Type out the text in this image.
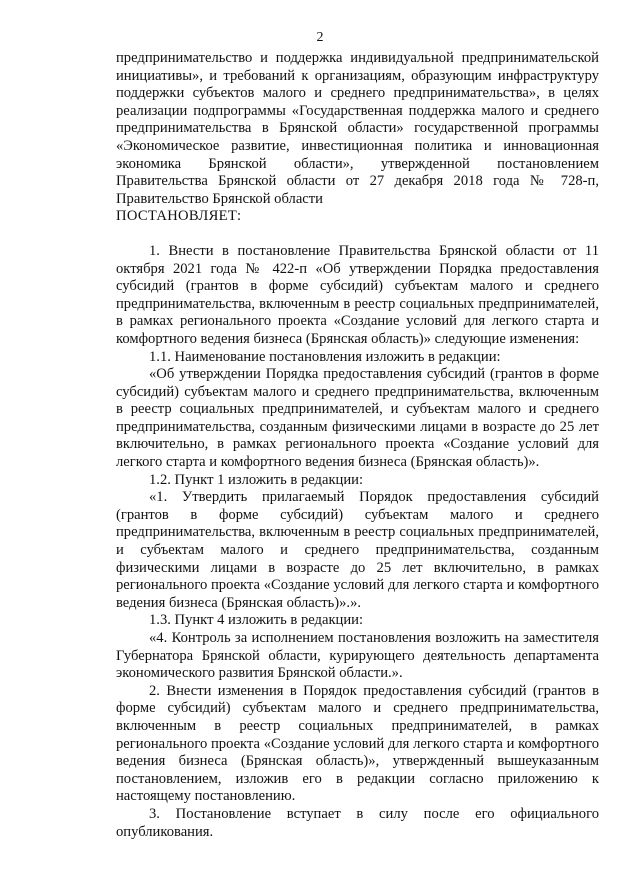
2

предпринимательство и поддержка индивидуальной предпринимательской инициативы», и требований к организациям, образующим инфраструктуру поддержки субъектов малого и среднего предпринимательства», в целях реализации подпрограммы «Государственная поддержка малого и среднего предпринимательства в Брянской области» государственной программы «Экономическое развитие, инвестиционная политика и инновационная экономика Брянской области», утвержденной постановлением Правительства Брянской области от 27 декабря 2018 года № 728-п, Правительство Брянской области

ПОСТАНОВЛЯЕТ:

1. Внести в постановление Правительства Брянской области от 11 октября 2021 года № 422-п «Об утверждении Порядка предоставления субсидий (грантов в форме субсидий) субъектам малого и среднего предпринимательства, включенным в реестр социальных предпринимателей, в рамках регионального проекта «Создание условий для легкого старта и комфортного ведения бизнеса (Брянская область)» следующие изменения:

1.1. Наименование постановления изложить в редакции:

«Об утверждении Порядка предоставления субсидий (грантов в форме субсидий) субъектам малого и среднего предпринимательства, включенным в реестр социальных предпринимателей, и субъектам малого и среднего предпринимательства, созданным физическими лицами в возрасте до 25 лет включительно, в рамках регионального проекта «Создание условий для легкого старта и комфортного ведения бизнеса (Брянская область)».

1.2. Пункт 1 изложить в редакции:

«1. Утвердить прилагаемый Порядок предоставления субсидий (грантов в форме субсидий) субъектам малого и среднего предпринимательства, включенным в реестр социальных предпринимателей, и субъектам малого и среднего предпринимательства, созданным физическими лицами в возрасте до 25 лет включительно, в рамках регионального проекта «Создание условий для легкого старта и комфортного ведения бизнеса (Брянская область)».».

1.3. Пункт 4 изложить в редакции:

«4. Контроль за исполнением постановления возложить на заместителя Губернатора Брянской области, курирующего деятельность департамента экономического развития Брянской области.».

2. Внести изменения в Порядок предоставления субсидий (грантов в форме субсидий) субъектам малого и среднего предпринимательства, включенным в реестр социальных предпринимателей, в рамках регионального проекта «Создание условий для легкого старта и комфортного ведения бизнеса (Брянская область)», утвержденный вышеуказанным постановлением, изложив его в редакции согласно приложению к настоящему постановлению.

3. Постановление вступает в силу после его официального опубликования.
